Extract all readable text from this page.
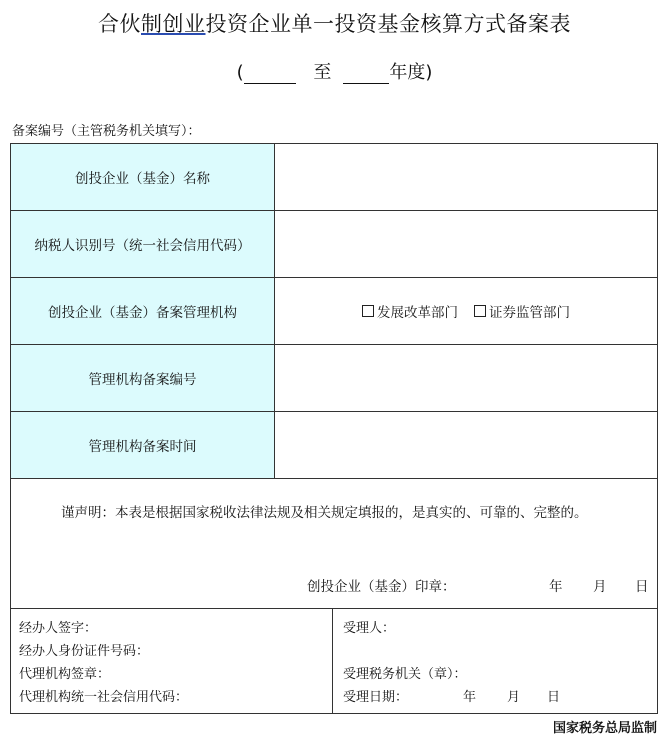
合伙制创业投资企业单一投资基金核算方式备案表
(	至	年度)
备案编号（主管税务机关填写）：
创投企业（基金）名称
纳税人识别号（统一社会信用代码）
创投企业（基金）备案管理机构	发展改革部门 证券监管部门
管理机构备案编号
管理机构备案时间
谨声明：本表是根据国家税收法律法规及相关规定填报的，是真实的、可靠的、完整的。
创投企业（基金）印章：	年 月 日
经办人签字：
经办人身份证件号码：
代理机构签章：
代理机构统一社会信用代码：
受理人：
受理税务机关（章）：
受理日期：	年 月 日
国家税务总局监制
